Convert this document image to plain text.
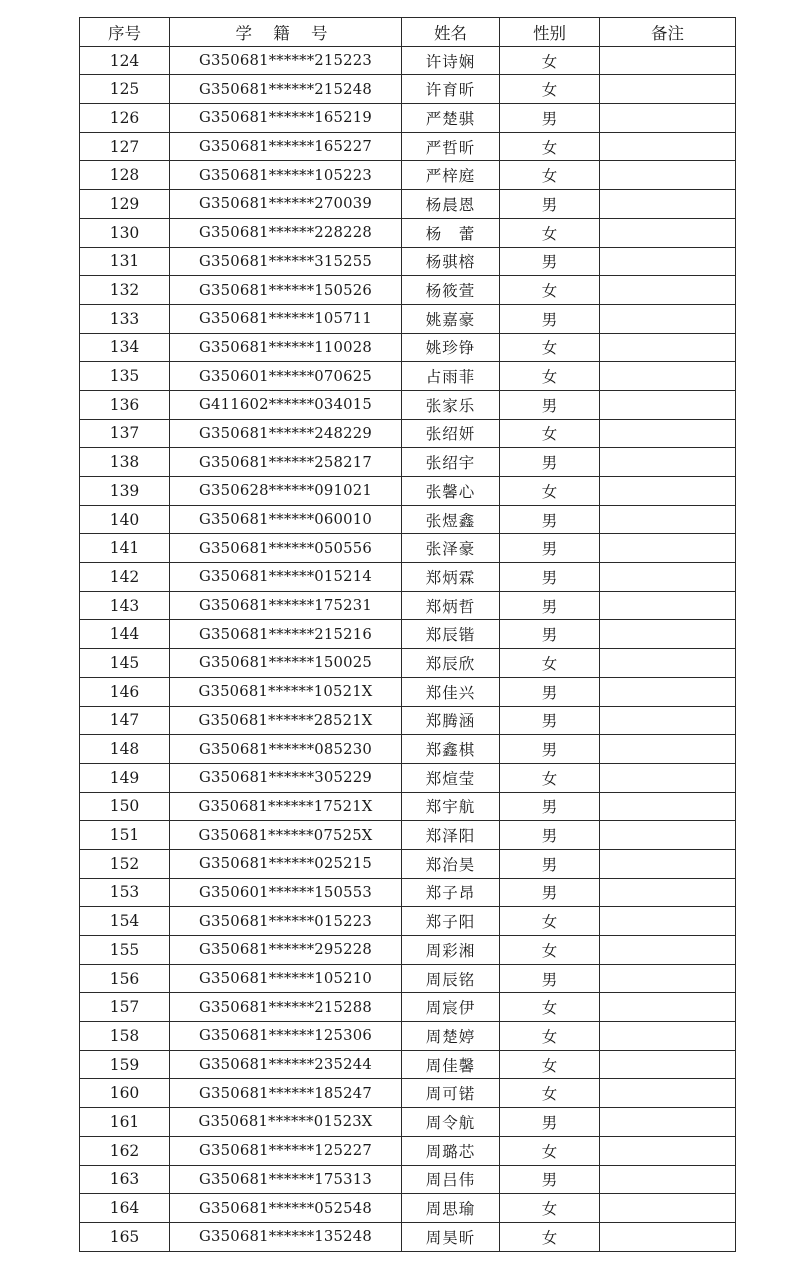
序号	学 籍 号	姓名	性别	备注
124	G350681******215223	许诗娴	女	
125	G350681******215248	许育昕	女	
126	G350681******165219	严楚骐	男	
127	G350681******165227	严哲昕	女	
128	G350681******105223	严梓庭	女	
129	G350681******270039	杨晨恩	男	
130	G350681******228228	杨　蕾	女	
131	G350681******315255	杨骐榕	男	
132	G350681******150526	杨筱萱	女	
133	G350681******105711	姚嘉豪	男	
134	G350681******110028	姚珍铮	女	
135	G350601******070625	占雨菲	女	
136	G411602******034015	张家乐	男	
137	G350681******248229	张绍妍	女	
138	G350681******258217	张绍宇	男	
139	G350628******091021	张馨心	女	
140	G350681******060010	张煜鑫	男	
141	G350681******050556	张泽豪	男	
142	G350681******015214	郑炳霖	男	
143	G350681******175231	郑炳哲	男	
144	G350681******215216	郑辰锴	男	
145	G350681******150025	郑辰欣	女	
146	G350681******10521X	郑佳兴	男	
147	G350681******28521X	郑腾涵	男	
148	G350681******085230	郑鑫棋	男	
149	G350681******305229	郑煊莹	女	
150	G350681******17521X	郑宇航	男	
151	G350681******07525X	郑泽阳	男	
152	G350681******025215	郑治昊	男	
153	G350601******150553	郑子昂	男	
154	G350681******015223	郑子阳	女	
155	G350681******295228	周彩湘	女	
156	G350681******105210	周辰铭	男	
157	G350681******215288	周宸伊	女	
158	G350681******125306	周楚婷	女	
159	G350681******235244	周佳馨	女	
160	G350681******185247	周可锘	女	
161	G350681******01523X	周令航	男	
162	G350681******125227	周璐芯	女	
163	G350681******175313	周吕伟	男	
164	G350681******052548	周思瑜	女	
165	G350681******135248	周昊昕	女	
